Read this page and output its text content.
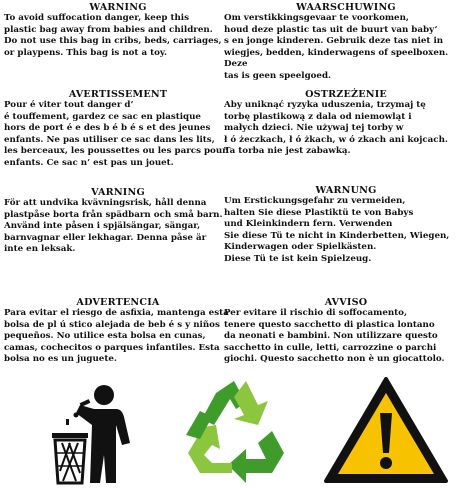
WARNING
To avoid suffocation danger, keep this
plastic bag away from babies and children.
Do not use this bag in cribs, beds, carriages,
or playpens. This bag is not a toy.
WAARSCHUWING
Om verstikkingsgevaar te voorkomen,
houd deze plastic tas uit de buurt van baby’
s en jonge kinderen. Gebruik deze tas niet in
wiegjes, bedden, kinderwagens of speelboxen. Deze
tas is geen speelgoed.
AVERTISSEMENT
Pour é viter tout danger d’
é touffement, gardez ce sac en plastique
hors de port é e des b é b é s et des jeunes
enfants. Ne pas utiliser ce sac dans les lits,
les berceaux, les poussettes ou les parcs pour
enfants. Ce sac n’ est pas un jouet.
OSTRZEŻENIE
Aby uniknąć ryzyka uduszenia, trzymaj tę
torbę plastikową z dala od niemowląt i
małych dzieci. Nie używaj tej torby w
ł ó żeczkach, ł ó żkach, w ó zkach ani kojcach.
Ta torba nie jest zabawką.
VARNING
För att undvika kvävningsrisk, håll denna
plastpåse borta från spädbarn och små barn.
Använd inte påsen i spjälsängar, sängar,
barnvagnar eller lekhagar. Denna påse är
inte en leksak.
WARNUNG
Um Erstickungsgefahr zu vermeiden,
halten Sie diese Plastiktü te von Babys
und Kleinkindern fern. Verwenden
Sie diese Tü te nicht in Kinderbetten, Wiegen,
Kinderwagen oder Spielkästen.
Diese Tü te ist kein Spielzeug.
ADVERTENCIA
Para evitar el riesgo de asfixia, mantenga esta
bolsa de pl ú stico alejada de beb é s y niños
pequeños. No utilice esta bolsa en cunas,
camas, cochecitos o parques infantiles. Esta
bolsa no es un juguete.
AVVISO
Per evitare il rischio di soffocamento,
tenere questo sacchetto di plastica lontano
da neonati e bambini. Non utilizzare questo
sacchetto in culle, letti, carrozzine o parchi
giochi. Questo sacchetto non è un giocattolo.
